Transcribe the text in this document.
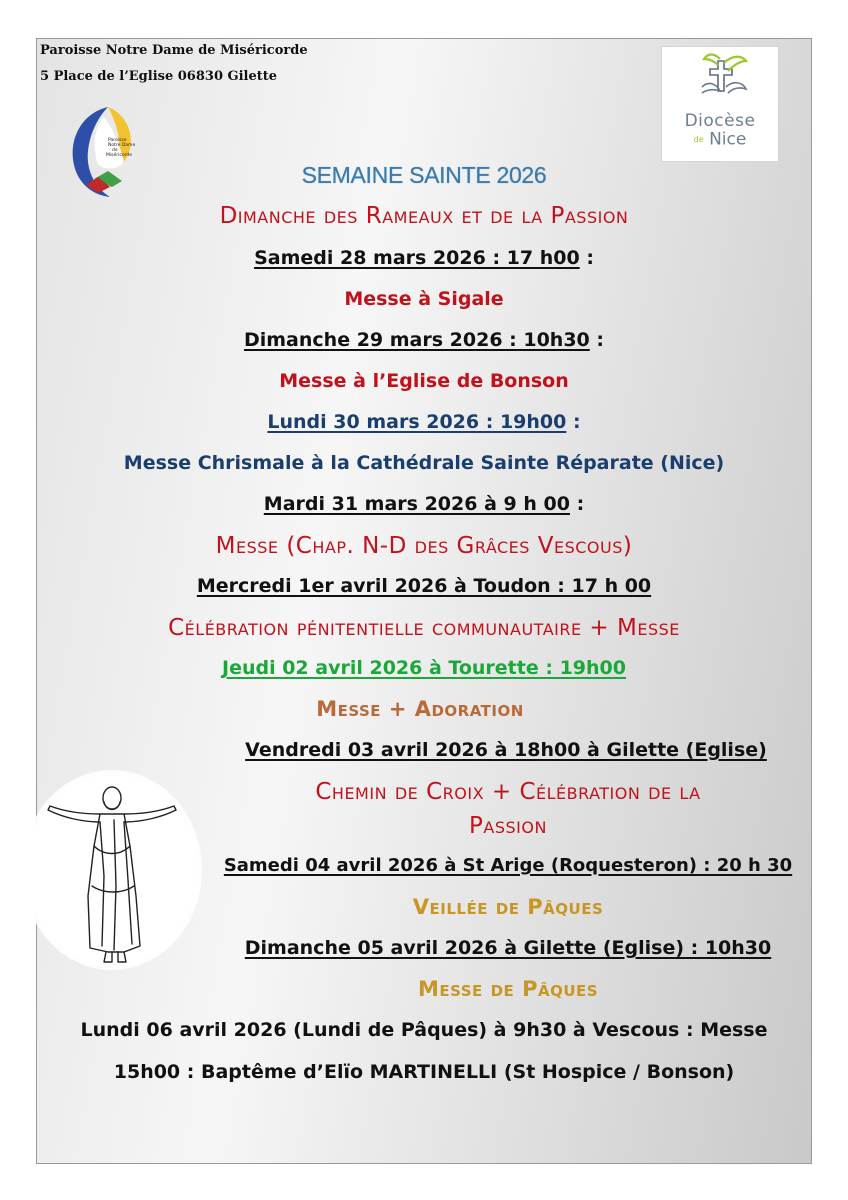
Paroisse Notre Dame de Miséricorde
5 Place de l’Eglise 06830 Gilette
Paroisse
Notre Dame
de
Miséricorde
Diocèse
de Nice
SEMAINE SAINTE 2026
Dimanche des Rameaux et de la Passion
Samedi 28 mars 2026 : 17 h00 :
Messe à Sigale
Dimanche 29 mars 2026 : 10h30 :
Messe à l’Eglise de Bonson
Lundi 30 mars 2026 : 19h00 :
Messe Chrismale à la Cathédrale Sainte Réparate (Nice)
Mardi 31 mars 2026 à 9 h 00 :
Messe (Chap. N-D des Grâces Vescous)
Mercredi 1er avril 2026 à Toudon : 17 h 00
Célébration pénitentielle communautaire + Messe
Jeudi 02 avril 2026 à Tourette : 19h00
Messe + Adoration
Vendredi 03 avril 2026 à 18h00 à Gilette (Eglise)
Chemin de Croix + Célébration de la
Passion
Samedi 04 avril 2026 à St Arige (Roquesteron) : 20 h 30
Veillée de Pâques
Dimanche 05 avril 2026 à Gilette (Eglise) : 10h30
Messe de Pâques
Lundi 06 avril 2026 (Lundi de Pâques) à 9h30 à Vescous : Messe
15h00 : Baptême d’Elïo MARTINELLI (St Hospice / Bonson)
